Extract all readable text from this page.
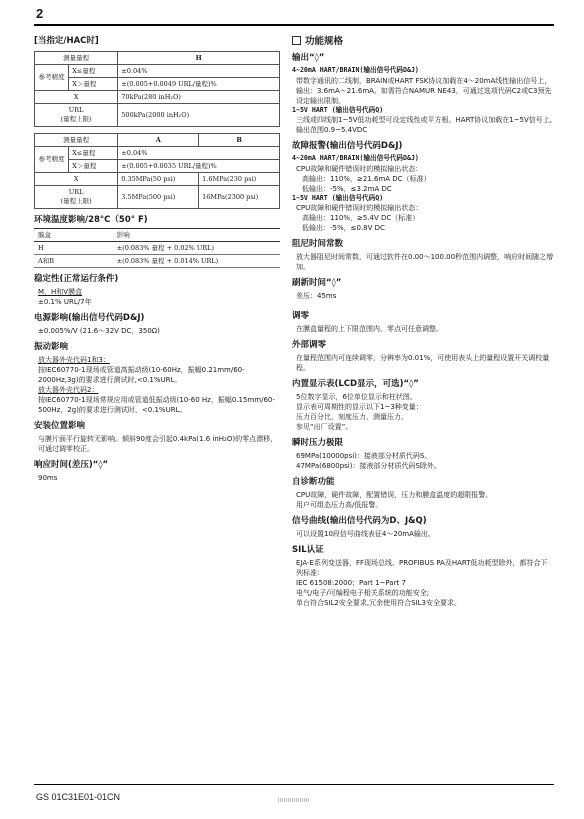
2
[当指定/HAC时]
测量量程		H
参考精度	X≤量程	±0.04%
	X＞量程	±(0.005+0.0049 URL/量程)%
X		70kPa(280 inH₂O)
URL
(量程上限)		500kPa(2000 inH₂O)
测量量程		A	B
参考精度	X≤量程	±0.04%	
	X＞量程	±(0.005+0.0035 URL/量程)%	
X		0.35MPa(50 psi)	1.6MPa(230 psi)
URL
(量程上限)		3.5MPa(500 psi)	16MPa(2300 psi)
环境温度影响/28°C（50° F)
膜盒	影响
H	±(0.083% 量程 + 0.02% URL)
A和B	±(0.083% 量程 + 0.014% URL)
稳定性(正常运行条件)

M，H和V膜盒

±0.1% URL/7年

电源影响(输出信号代码D&J)

±0.005%/V (21.6～32V DC，350Ω)

振动影响

放大器外壳代码1和3：

按IEC60770-1现场或管道高振动级(10-60Hz，振幅0.21mm/60-2000Hz,3g)的要求进行测试时,<0.1%URL。

放大器外壳代码2：

按IEC60770-1现场常规应用或管道低振动级(10-60 Hz，振幅0.15mm/60-500Hz，2g)的要求进行测试时，<0.1%URL。

安装位置影响

与膜片面平行旋转无影响。倾斜90度会引起0.4kPa(1.6 inH₂O)的零点漂移，可通过调零校正。

响应时间(差压)“◊”

90ms

功能规格
输出“◊”
4~20mA HART/BRAIN(输出信号代码D&J)

带数字通讯的二线制，BRAIN或HART FSK协议加载在4～20mA线性输出信号上，输出：3.6mA～21.6mA。如需符合NAMUR NE43，可通过选项代码C2或C3预先设定输出限制。

1~5V HART (输出信号代码Q)

三线或四线制1~5V低功耗型可设定线性或平方根。HART协议加载在1~5V信号上,输出范围0.9~5.4VDC

故障报警(输出信号代码D&J)
4~20mA HART/BRAIN(输出信号代码D&J)

CPU故障和硬件错误时的模拟输出状态：

高输出：110%，≥21.6mA DC（标准）

低输出：-5%，≤3.2mA DC

1~5V HART (输出信号代码Q)

CPU故障和硬件错误时的模拟输出状态：

高输出：110%，≥5.4V DC（标准）

低输出：-5%，≤0.8V DC

阻尼时间常数

放大器阻尼时间常数，可通过软件在0.00～100.00秒范围内调整，响应时间随之增加。

刷新时间“◊”

差压：45ms

调零

在膜盒量程的上下限范围内，零点可任意调整。

外部调零

在量程范围内可连续调零，分辨率为0.01%，可使用表头上的量程设置开关调校量程。

内置显示表(LCD显示，可选)“◊”

5位数字显示，6位单位显示和柱状图。

显示表可周期性的显示以下1~3种变量：

压力百分比，刻度压力，测量压力。

参见“出厂设置”。

瞬时压力极限

69MPa(10000psi)：接液部分材质代码S。

47MPa(6800psi)：接液部分材质代码S除外。

自诊断功能

CPU故障，硬件故障，配置错误，压力和膜盒温度的超限报警。

用户可组态压力高/低报警。

信号曲线(输出信号代码为D、J&Q)

可以设置10段信号曲线表征4～20mA输出。

SIL认证

EJA-E系列变送器，FF现场总线、PROFIBUS PA及HART低功耗型除外，都符合下列标准:

IEC 61508:2000；Part 1~Part 7

电气/电子/可编程电子相关系统的功能安全;

单台符合SIL2安全要求,冗余使用符合SIL3安全要求。

GS 01C31E01-01CN
